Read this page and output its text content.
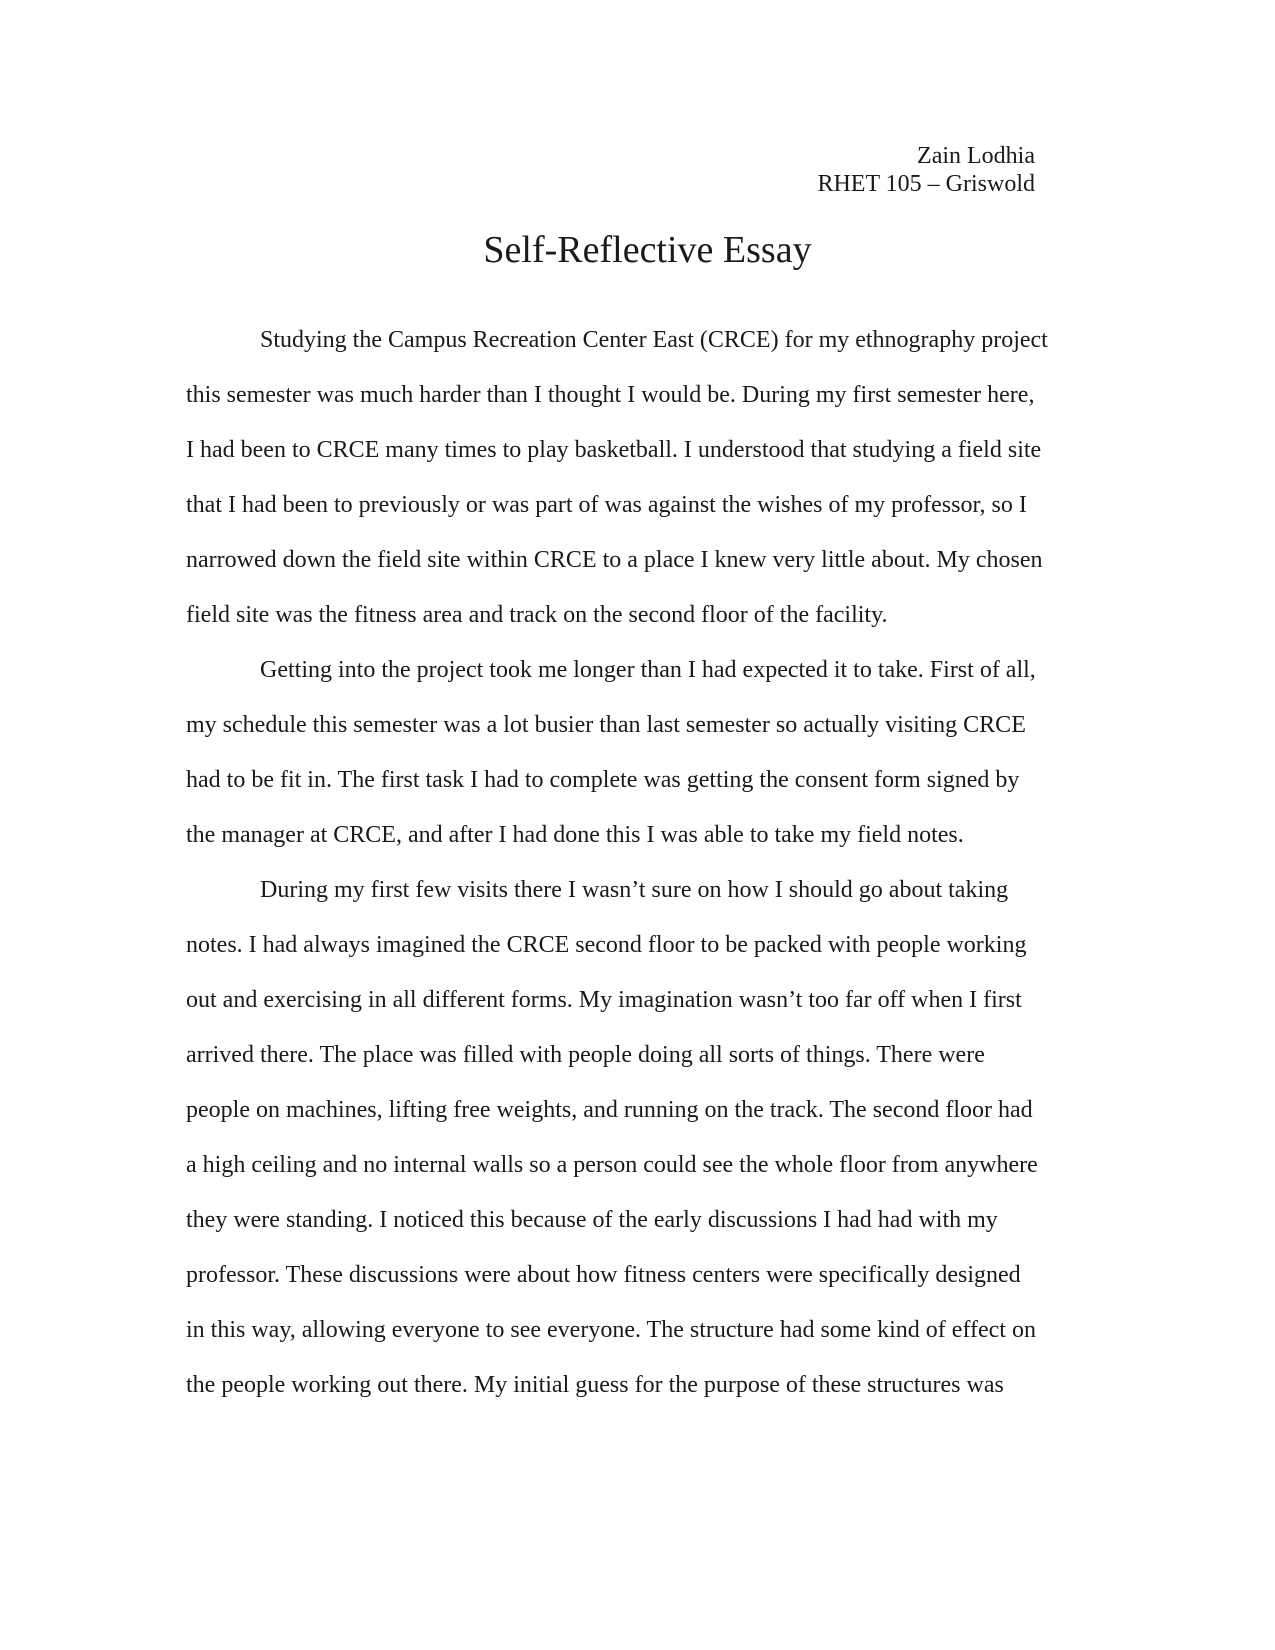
Zain Lodhia
RHET 105 – Griswold
Self-Reflective Essay
Studying the Campus Recreation Center East (CRCE) for my ethnography project
this semester was much harder than I thought I would be. During my first semester here,
I had been to CRCE many times to play basketball. I understood that studying a field site
that I had been to previously or was part of was against the wishes of my professor, so I
narrowed down the field site within CRCE to a place I knew very little about. My chosen
field site was the fitness area and track on the second floor of the facility.
Getting into the project took me longer than I had expected it to take. First of all,
my schedule this semester was a lot busier than last semester so actually visiting CRCE
had to be fit in. The first task I had to complete was getting the consent form signed by
the manager at CRCE, and after I had done this I was able to take my field notes.
During my first few visits there I wasn’t sure on how I should go about taking
notes. I had always imagined the CRCE second floor to be packed with people working
out and exercising in all different forms. My imagination wasn’t too far off when I first
arrived there. The place was filled with people doing all sorts of things. There were
people on machines, lifting free weights, and running on the track. The second floor had
a high ceiling and no internal walls so a person could see the whole floor from anywhere
they were standing. I noticed this because of the early discussions I had had with my
professor. These discussions were about how fitness centers were specifically designed
in this way, allowing everyone to see everyone. The structure had some kind of effect on
the people working out there. My initial guess for the purpose of these structures was
